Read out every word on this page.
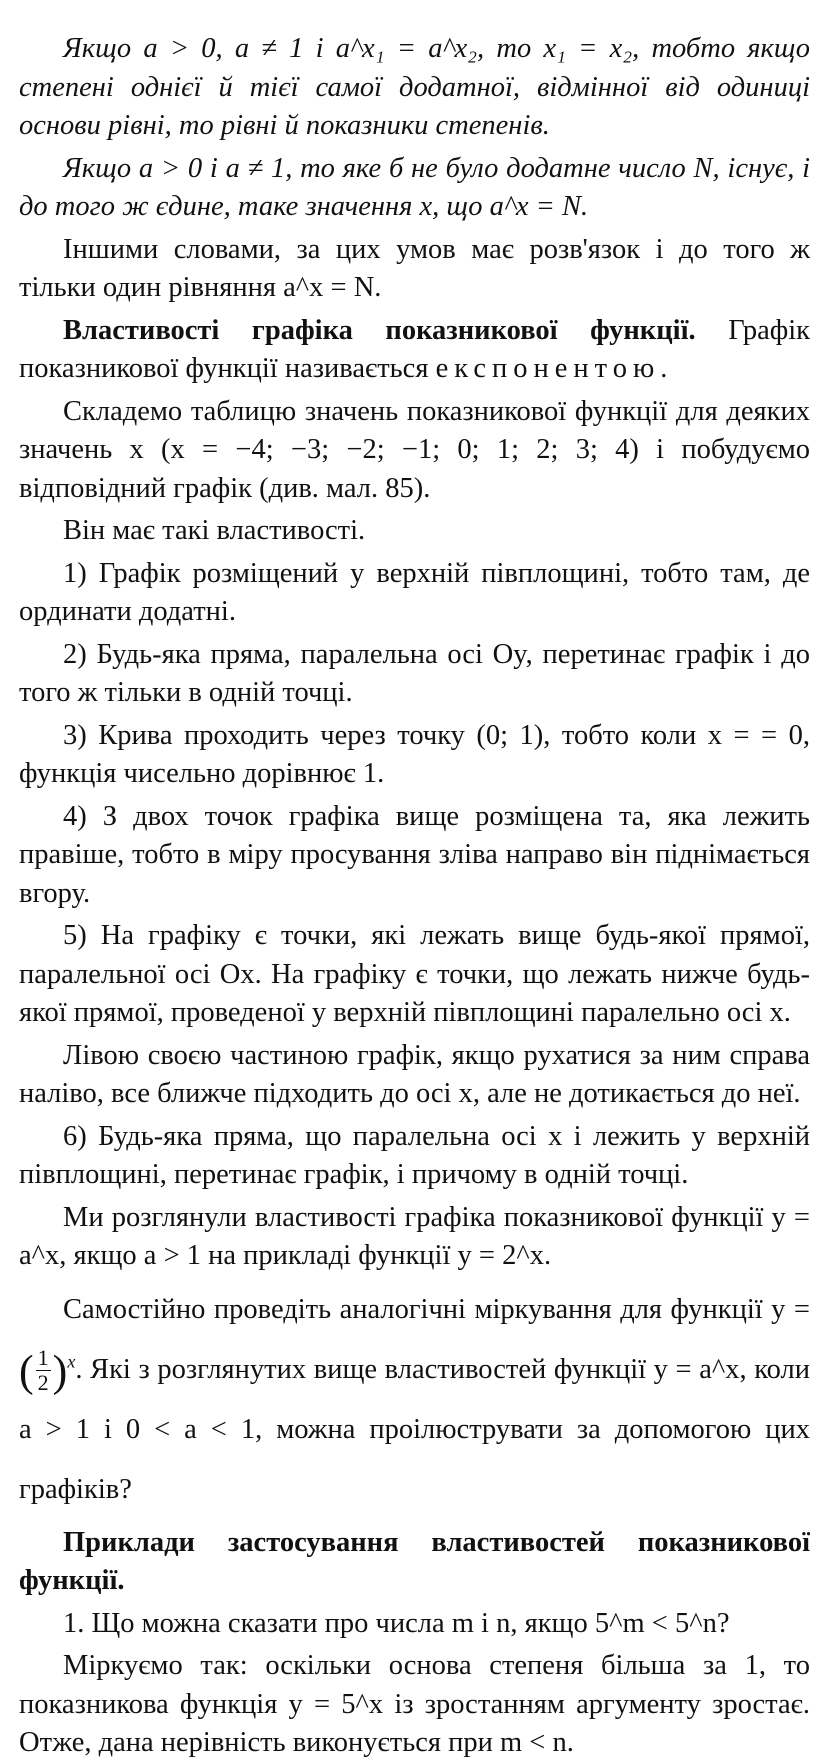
Якщо a > 0, a ≠ 1 і a^x₁ = a^x₂, то x₁ = x₂, тобто якщо степені однієї й тієї самої додатної, відмінної від одиниці основи рівні, то рівні й показники степенів.

Якщо a > 0 і a ≠ 1, то яке б не було додатне число N, існує, і до того ж єдине, таке значення x, що a^x = N.

Іншими словами, за цих умов має розв'язок і до того ж тільки один рівняння a^x = N.

Властивості графіка показникової функції. Графік показникової функції називається експонентою.

Складемо таблицю значень показникової функції для деяких значень x (x = −4; −3; −2; −1; 0; 1; 2; 3; 4) і побудуємо відповідний графік (див. мал. 85).

Він має такі властивості.

1) Графік розміщений у верхній півплощині, тобто там, де ординати додатні.

2) Будь-яка пряма, паралельна осі Oy, перетинає графік і до того ж тільки в одній точці.

3) Крива проходить через точку (0; 1), тобто коли x = = 0, функція чисельно дорівнює 1.

4) З двох точок графіка вище розміщена та, яка лежить правіше, тобто в міру просування зліва направо він піднімається вгору.

5) На графіку є точки, які лежать вище будь-якої прямої, паралельної осі Ox. На графіку є точки, що лежать нижче будь-якої прямої, проведеної у верхній півплощині паралельно осі x.

Лівою своєю частиною графік, якщо рухатися за ним справа наліво, все ближче підходить до осі x, але не дотикається до неї.

6) Будь-яка пряма, що паралельна осі x і лежить у верхній півплощині, перетинає графік, і причому в одній точці.

Ми розглянули властивості графіка показникової функції y = a^x, якщо a > 1 на прикладі функції y = 2^x.

Самостійно проведіть аналогічні міркування для функції y = ( $\frac{1}{2} )^x$. Які з розглянутих вище властивостей функції y = a^x, коли a > 1 і 0 < a < 1, можна проілюструвати за допомогою цих графіків?

Приклади застосування властивостей показникової функції.

1. Що можна сказати про числа m і n, якщо 5^m < 5^n?

Міркуємо так: оскільки основа степеня більша за 1, то показникова функція y = 5^x із зростанням аргументу зростає. Отже, дана нерівність виконується при m < n.
